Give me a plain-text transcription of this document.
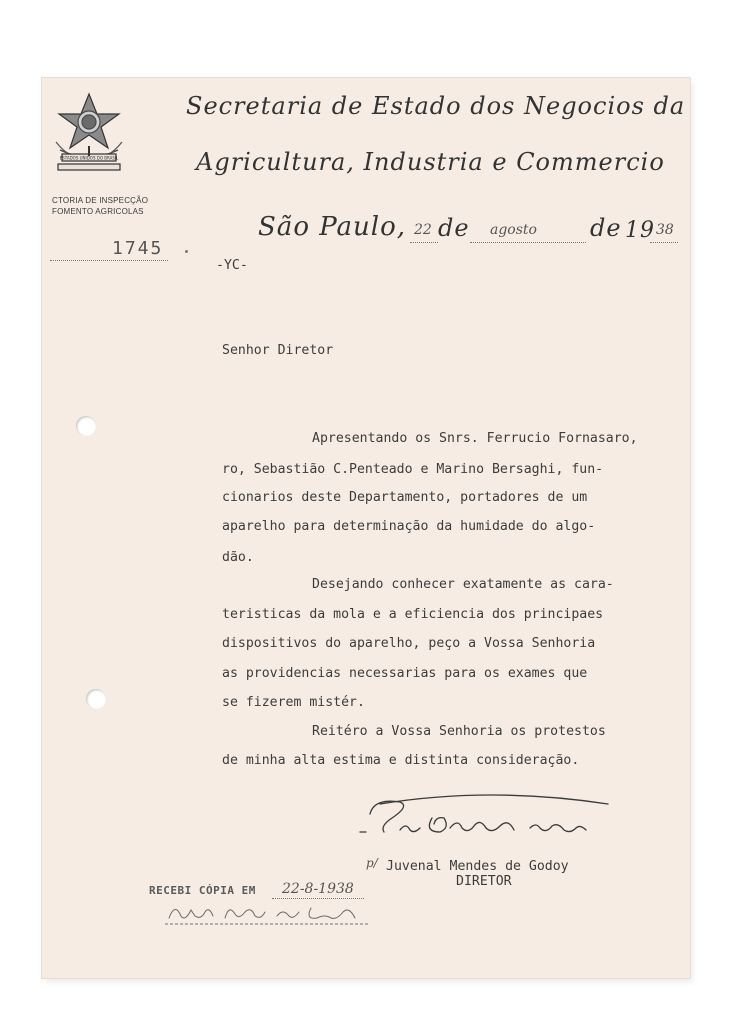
ESTADOS UNIDOS DO BRASIL
CTORIA DE INSPECÇÃO
FOMENTO AGRICOLAS
Secretaria de Estado dos Negocios da
Agricultura, Industria e Commercio
1745
São Paulo, 22 de agosto de 19 38
-YC-
Senhor Diretor
Apresentando os Snrs. Ferrucio Fornasaro,
ro, Sebastião C.Penteado e Marino Bersaghi, fun-
cionarios deste Departamento, portadores de um
aparelho para determinação da humidade do algo-
dão.
Desejando conhecer exatamente as cara-
teristicas da mola e a eficiencia dos principaes
dispositivos do aparelho, peço a Vossa Senhoria
as providencias necessarias para os exames que
se fizerem mistér.
Reitéro a Vossa Senhoria os protestos
de minha alta estima e distinta consideração.
p/ Juvenal Mendes de Godoy
DIRETOR
RECEBI CÓPIA EM 22-8-1938
